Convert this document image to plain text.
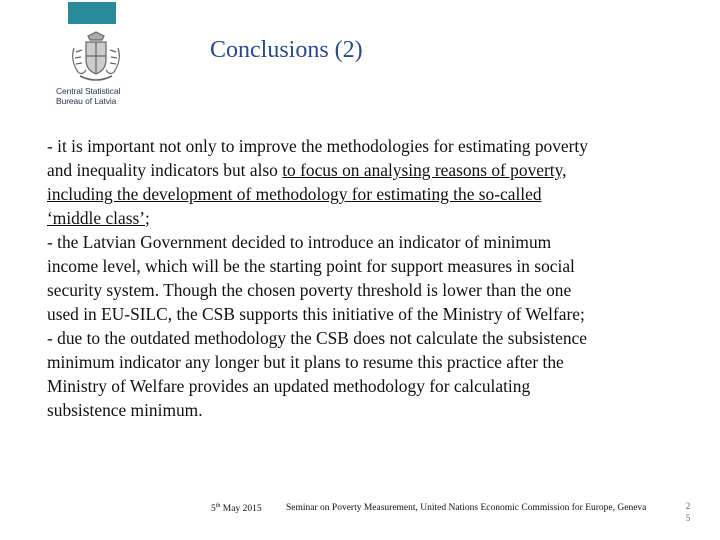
Central Statistical
Bureau of Latvia
Conclusions (2)
- it is important not only to improve the methodologies for estimating poverty
and inequality indicators but also to focus on analysing reasons of poverty,
including the development of methodology for estimating the so-called
‘middle class’;
- the Latvian Government decided to introduce an indicator of minimum
income level, which will be the starting point for support measures in social
security system. Though the chosen poverty threshold is lower than the one
used in EU-SILC, the CSB supports this initiative of the Ministry of Welfare;
- due to the outdated methodology the CSB does not calculate the subsistence
minimum indicator any longer but it plans to resume this practice after the
Ministry of Welfare provides an updated methodology for calculating
subsistence minimum.
5th May 2015	Seminar on Poverty Measurement, United Nations Economic Commission for Europe, Geneva	2
5
